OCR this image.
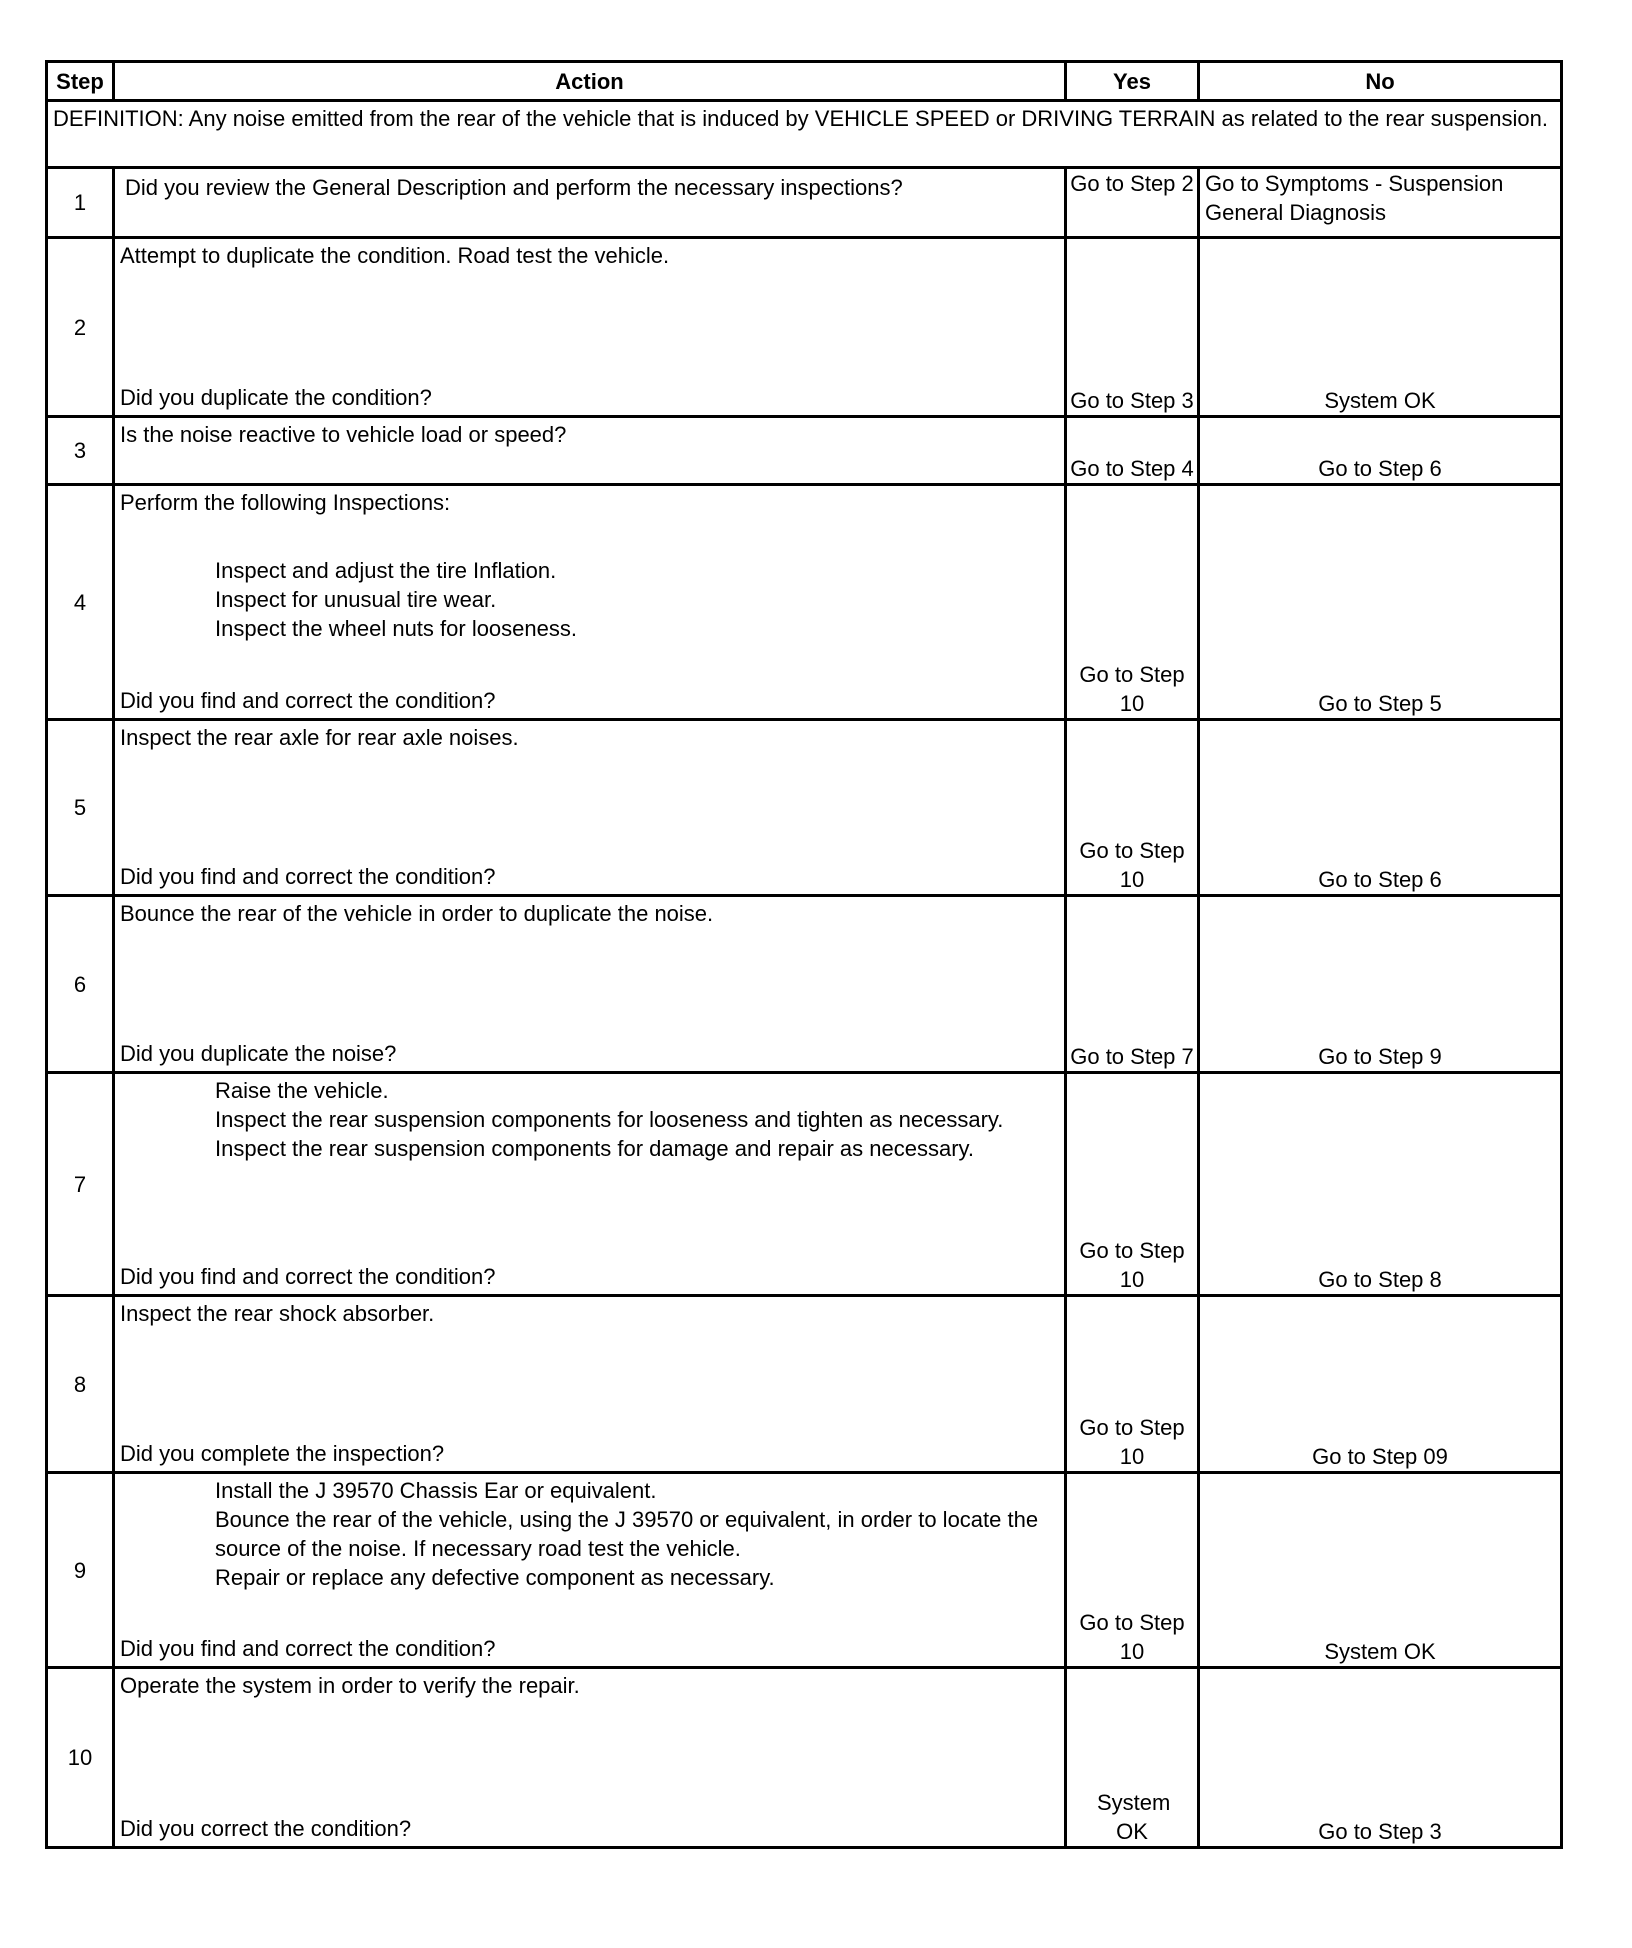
Step	Action	Yes	No
DEFINITION: Any noise emitted from the rear of the vehicle that is induced by VEHICLE SPEED or DRIVING TERRAIN as related to the rear suspension.			
1	Did you review the General Description and perform the necessary inspections?	Go to Step 2	Go to Symptoms - Suspension General Diagnosis
2	Attempt to duplicate the condition. Road test the vehicle.
Did you duplicate the condition?	Go to Step 3	System OK
3	Is the noise reactive to vehicle load or speed?	Go to Step 4	Go to Step 6
4	Perform the following Inspections:
Inspect and adjust the tire Inflation.
Inspect for unusual tire wear.
Inspect the wheel nuts for looseness.
Did you find and correct the condition?	Go to Step 10	Go to Step 5
5	Inspect the rear axle for rear axle noises.
Did you find and correct the condition?	Go to Step 10	Go to Step 6
6	Bounce the rear of the vehicle in order to duplicate the noise.
Did you duplicate the noise?	Go to Step 7	Go to Step 9
7	Raise the vehicle.
Inspect the rear suspension components for looseness and tighten as necessary.
Inspect the rear suspension components for damage and repair as necessary.
Did you find and correct the condition?	Go to Step 10	Go to Step 8
8	Inspect the rear shock absorber.
Did you complete the inspection?	Go to Step 10	Go to Step 09
9	Install the J 39570 Chassis Ear or equivalent.
Bounce the rear of the vehicle, using the J 39570 or equivalent, in order to locate the source of the noise. If necessary road test the vehicle.
Repair or replace any defective component as necessary.
Did you find and correct the condition?	Go to Step 10	System OK
10	Operate the system in order to verify the repair.
Did you correct the condition?	System OK	Go to Step 3
